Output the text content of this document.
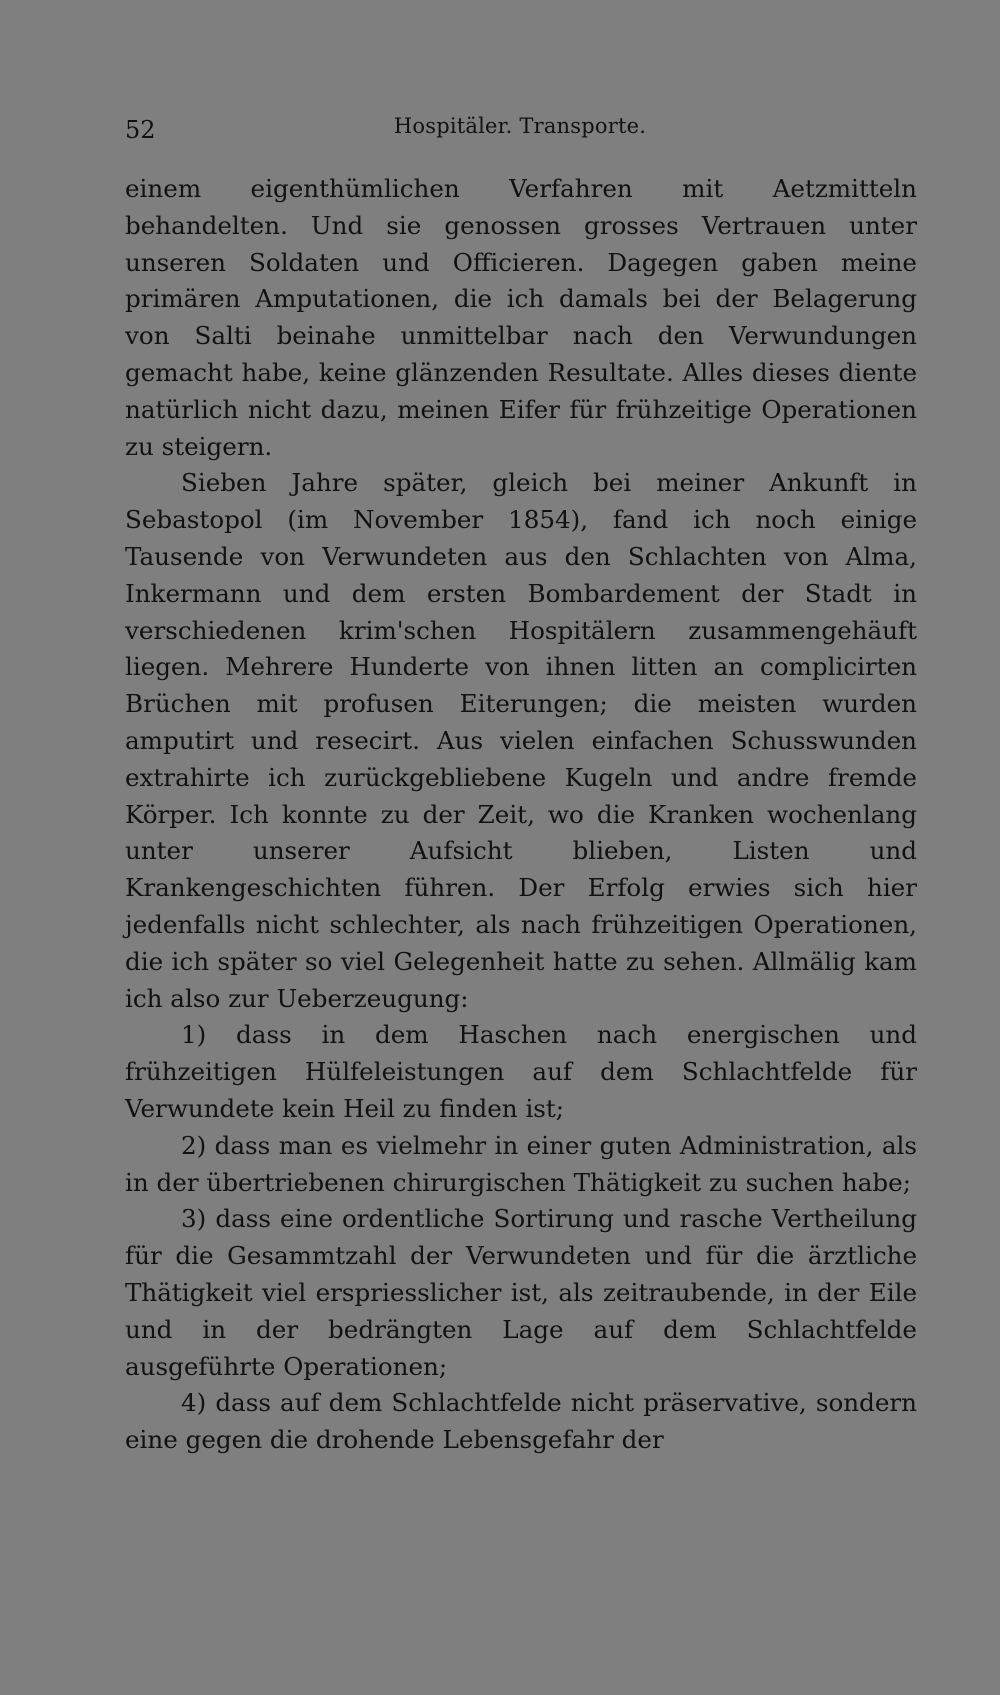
52	Hospitäler. Transporte.

einem eigenthümlichen Verfahren mit Aetzmitteln behandelten. Und sie genossen grosses Vertrauen unter unseren Soldaten und Officieren. Dagegen gaben meine primären Amputationen, die ich damals bei der Belagerung von Salti beinahe unmittelbar nach den Verwundungen gemacht habe, keine glänzenden Resultate. Alles dieses diente natürlich nicht dazu, meinen Eifer für frühzeitige Operationen zu steigern.

Sieben Jahre später, gleich bei meiner Ankunft in Sebastopol (im November 1854), fand ich noch einige Tausende von Verwundeten aus den Schlachten von Alma, Inkermann und dem ersten Bombardement der Stadt in verschiedenen krim'schen Hospitälern zusammengehäuft liegen. Mehrere Hunderte von ihnen litten an complicirten Brüchen mit profusen Eiterungen; die meisten wurden amputirt und resecirt. Aus vielen einfachen Schusswunden extrahirte ich zurückgebliebene Kugeln und andre fremde Körper. Ich konnte zu der Zeit, wo die Kranken wochenlang unter unserer Aufsicht blieben, Listen und Krankengeschichten führen. Der Erfolg erwies sich hier jedenfalls nicht schlechter, als nach frühzeitigen Operationen, die ich später so viel Gelegenheit hatte zu sehen. Allmälig kam ich also zur Ueberzeugung:

1) dass in dem Haschen nach energischen und frühzeitigen Hülfeleistungen auf dem Schlachtfelde für Verwundete kein Heil zu finden ist;

2) dass man es vielmehr in einer guten Administration, als in der übertriebenen chirurgischen Thätigkeit zu suchen habe;

3) dass eine ordentliche Sortirung und rasche Vertheilung für die Gesammtzahl der Verwundeten und für die ärztliche Thätigkeit viel erspriesslicher ist, als zeitraubende, in der Eile und in der bedrängten Lage auf dem Schlachtfelde ausgeführte Operationen;

4) dass auf dem Schlachtfelde nicht präservative, sondern eine gegen die drohende Lebensgefahr der
